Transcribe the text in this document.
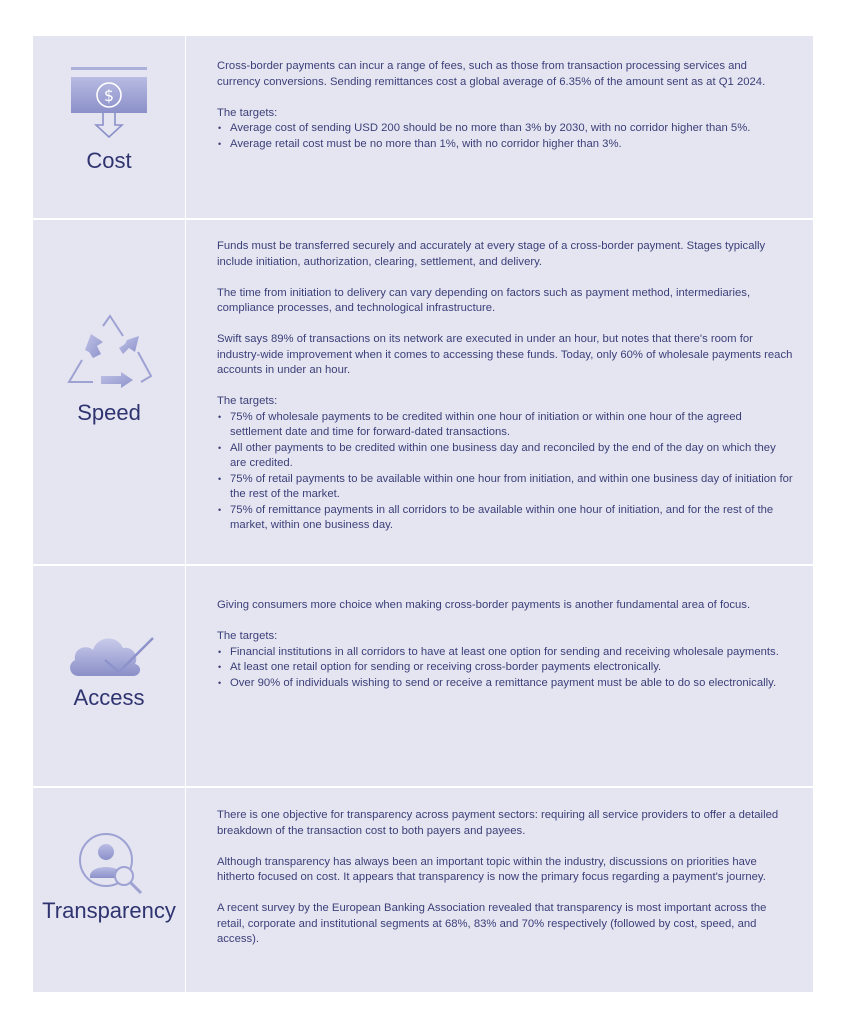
$
Cost

Cross-border payments can incur a range of fees, such as those from transaction processing services and currency conversions. Sending remittances cost a global average of 6.35% of the amount sent as at Q1 2024.

The targets:
• Average cost of sending USD 200 should be no more than 3% by 2030, with no corridor higher than 5%.
• Average retail cost must be no more than 1%, with no corridor higher than 3%.
Speed

Funds must be transferred securely and accurately at every stage of a cross-border payment. Stages typically include initiation, authorization, clearing, settlement, and delivery.

The time from initiation to delivery can vary depending on factors such as payment method, intermediaries, compliance processes, and technological infrastructure.

Swift says 89% of transactions on its network are executed in under an hour, but notes that there's room for industry-wide improvement when it comes to accessing these funds. Today, only 60% of wholesale payments reach accounts in under an hour.

The targets:
• 75% of wholesale payments to be credited within one hour of initiation or within one hour of the agreed settlement date and time for forward-dated transactions.
• All other payments to be credited within one business day and reconciled by the end of the day on which they are credited.
• 75% of retail payments to be available within one hour from initiation, and within one business day of initiation for the rest of the market.
• 75% of remittance payments in all corridors to be available within one hour of initiation, and for the rest of the market, within one business day.
Access

Giving consumers more choice when making cross-border payments is another fundamental area of focus.

The targets:
• Financial institutions in all corridors to have at least one option for sending and receiving wholesale payments.
• At least one retail option for sending or receiving cross-border payments electronically.
• Over 90% of individuals wishing to send or receive a remittance payment must be able to do so electronically.
Transparency

There is one objective for transparency across payment sectors: requiring all service providers to offer a detailed breakdown of the transaction cost to both payers and payees.

Although transparency has always been an important topic within the industry, discussions on priorities have hitherto focused on cost. It appears that transparency is now the primary focus regarding a payment's journey.

A recent survey by the European Banking Association revealed that transparency is most important across the retail, corporate and institutional segments at 68%, 83% and 70% respectively (followed by cost, speed, and access).
